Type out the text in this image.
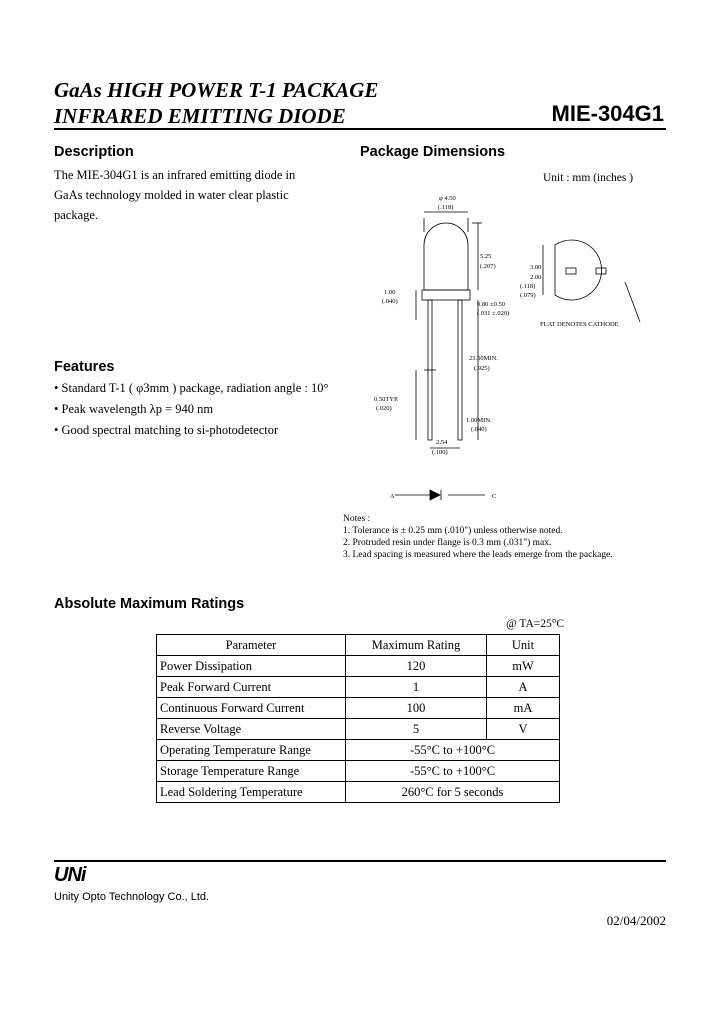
GaAs HIGH POWER T-1 PACKAGE
INFRARED EMITTING DIODE	MIE-304G1
Description
The MIE-304G1 is an infrared emitting diode in GaAs technology molded in water clear plastic package.
Package Dimensions
Unit : mm (inches )
φ 4.50
(.118)
5.25
(.207)
1.00
(.040)	0.80 ±0.50
(.031 ±.020)
23.50MIN.
(.925)
0.50TYP.
(.020)
1.00MIN.
(.040)
2.54
(.100)
3.00
2.00
(.118)
(.079)
FLAT DENOTES CATHODE
A	C
Notes :
1. Tolerance is ± 0.25 mm (.010") unless otherwise noted.
2. Protruded resin under flange is 0.3 mm (.031") max.
3. Lead spacing is measured where the leads emerge from the package.
Features
• Standard T-1 ( φ3mm ) package, radiation angle : 10°
• Peak wavelength λp = 940 nm
• Good spectral matching to si-photodetector
Absolute Maximum Ratings
@ TA=25°C
Parameter	Maximum Rating	Unit
Power Dissipation	120	mW
Peak Forward Current	1	A
Continuous Forward Current	100	mA
Reverse Voltage	5	V
Operating Temperature Range	-55°C to +100°C	
Storage Temperature Range	-55°C to +100°C	
Lead Soldering Temperature	260°C for 5 seconds	
UNi
Unity Opto Technology Co., Ltd.
02/04/2002
